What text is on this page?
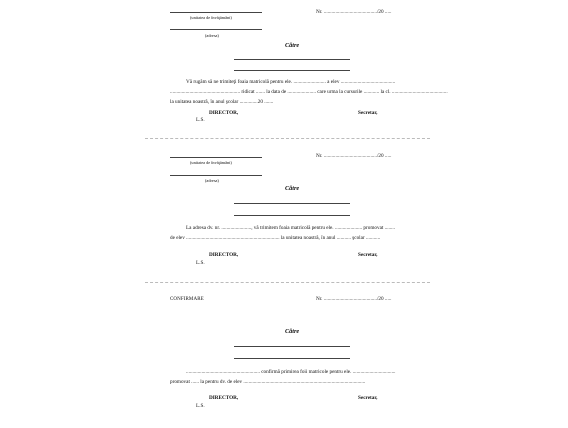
(unitatea de învăţământ)
(adresa)
Nr. ........................................./20 .....
Către
Vă rugăm să ne trimiteţi foaia matricolă pentru ele. ......................... a elev ..........................................
...................................................... ridicat ....... la data de ...................... care urma la cursurile ............ la cl. ...........................................
la unitatea noastră, în anul şcolar ..............20 .......
DIRECTOR,	Secretar,
L.S.
(unitatea de învăţământ)
(adresa)
Nr. ........................................./20 .....
Către
La adresa dv. nr. ......................., vă trimitem foaia matricolă pentru ele. ..................... promovat ........
de elev ........................................................................ la unitatea noastră, în anul ........... şcolar ...........
DIRECTOR,	Secretar,
L.S.
CONFIRMARE	Nr. ........................................./20 .....
Către
......................................................... confirmă primirea foii matricole pentru ele. .................................
promovat ...... la pentru dv. de elev ..............................................................................................
DIRECTOR,	Secretar,
L.S.
